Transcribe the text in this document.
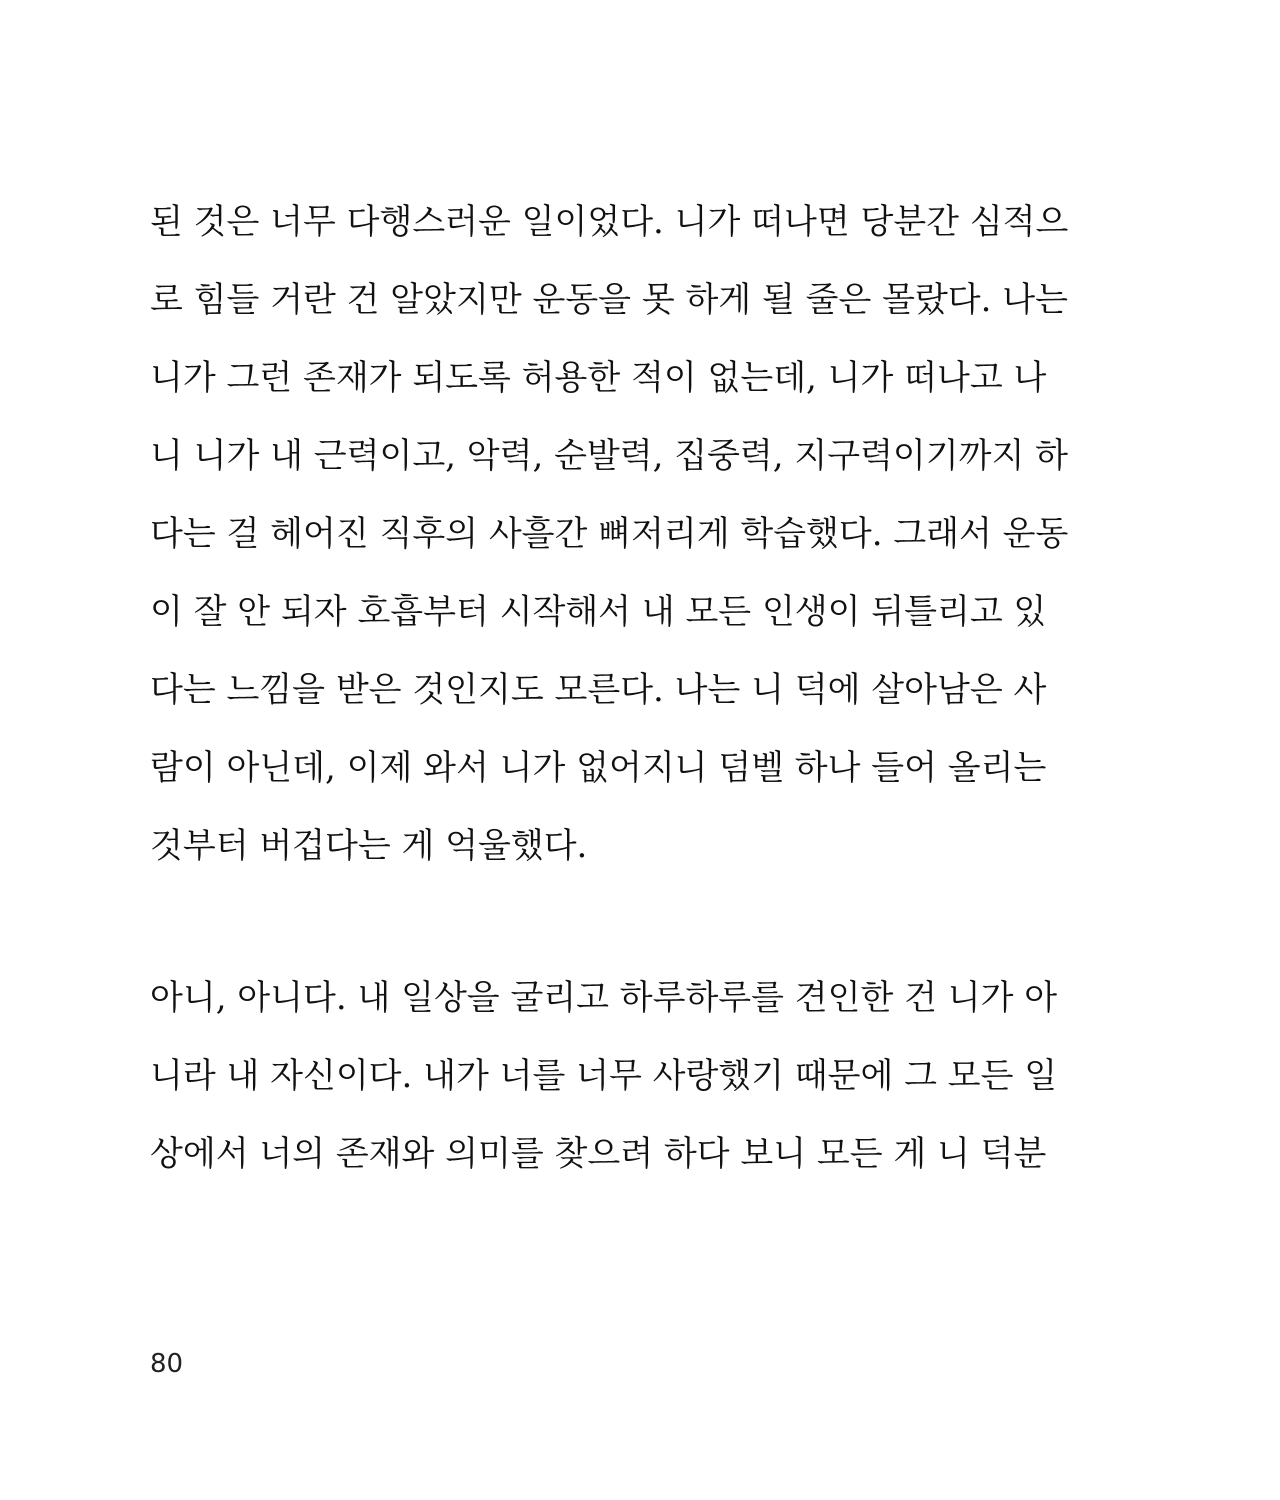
된 것은 너무 다행스러운 일이었다. 니가 떠나면 당분간 심적으
로 힘들 거란 건 알았지만 운동을 못 하게 될 줄은 몰랐다. 나는
니가 그런 존재가 되도록 허용한 적이 없는데, 니가 떠나고 나
니 니가 내 근력이고, 악력, 순발력, 집중력, 지구력이기까지 하
다는 걸 헤어진 직후의 사흘간 뼈저리게 학습했다. 그래서 운동
이 잘 안 되자 호흡부터 시작해서 내 모든 인생이 뒤틀리고 있
다는 느낌을 받은 것인지도 모른다. 나는 니 덕에 살아남은 사
람이 아닌데, 이제 와서 니가 없어지니 덤벨 하나 들어 올리는
것부터 버겁다는 게 억울했다.
아니, 아니다. 내 일상을 굴리고 하루하루를 견인한 건 니가 아
니라 내 자신이다. 내가 너를 너무 사랑했기 때문에 그 모든 일
상에서 너의 존재와 의미를 찾으려 하다 보니 모든 게 니 덕분
80
